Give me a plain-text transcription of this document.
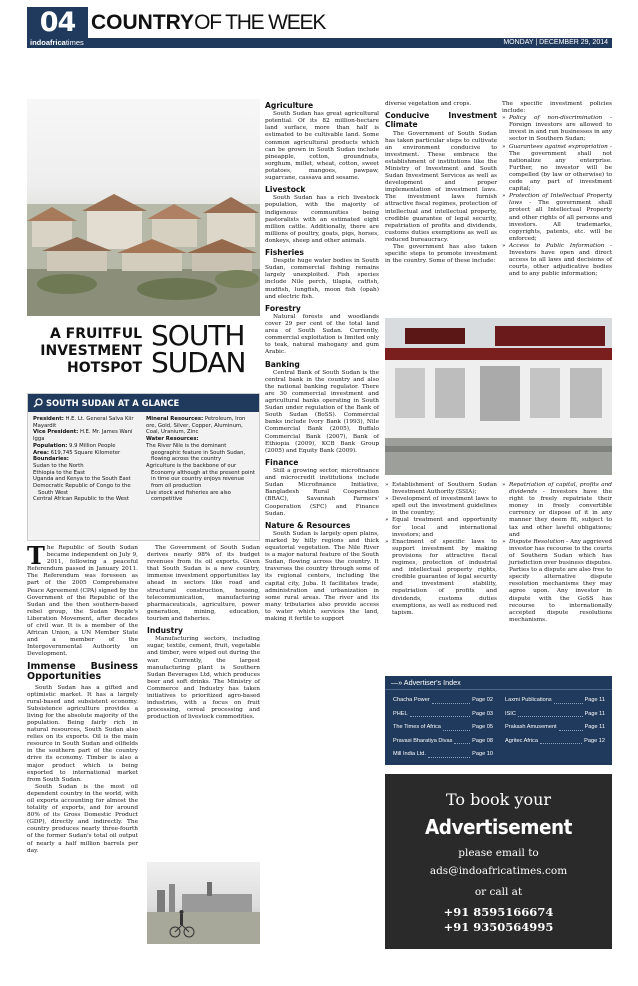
04 COUNTRYOF THE WEEK
indoafricatimes	MONDAY | DECEMBER 29, 2014
A FRUITFUL
INVESTMENT
HOTSPOT
SOUTH
SUDAN
SOUTH SUDAN AT A GLANCE
President: H.E. Lt. General Salva Kiir Mayardit
Vice President: H.E. Mr. James Wani Igga
Population: 9.9 Million People
Area: 619,745 Square Kilometer
Boundaries:
Sudan to the North
Ethiopia to the East
Uganda and Kenya to the South East
Democratic Republic of Congo to the South West
Central African Republic to the West
Mineral Resources: Petroleum, Iron ore, Gold, Silver, Copper, Aluminum, Coal, Uranium, Zinc
Water Resources:
The River Nile is the dominant geographic feature in South Sudan, flowing across the country
Agriculture is the backbone of our Economy although at the present point in time our country enjoys revenue from oil production
Live stock and fisheries are also competitive

The Republic of South Sudan became independent on July 9, 2011, following a peaceful Referendum passed in January 2011. The Referendum was foreseen as part of the 2005 Comprehensive Peace Agreement (CPA) signed by the Government of the Republic of the Sudan and the then southern-based rebel group, the Sudan People's Liberation Movement, after decades of civil war. It is a member of the African Union, a UN Member State and a member of the Intergovernmental Authority on Development.

Immense Business Opportunities

South Sudan has a gifted and optimistic market. It has a largely rural-based and subsistent economy. Subsistence agriculture provides a living for the absolute majority of the population. Being fairly rich in natural resources, South Sudan also relies on its exports. Oil is the main resource in South Sudan and oilfields in the southern part of the country drive its economy. Timber is also a major product which is being exported to international market from South Sudan.

South Sudan is the most oil dependent country in the world, with oil exports accounting for almost the totality of exports, and for around 80% of its Gross Domestic Product (GDP), directly and indirectly. The country produces nearly three-fourth of the former Sudan's total oil output of nearly a half million barrels per day.

The Government of South Sudan derives nearly 98% of its budget revenues from its oil exports. Given that South Sudan is a new country, immense investment opportunities lay ahead in sectors like road and structural construction, housing, telecommunication, manufacturing pharmaceuticals, agriculture, power generation, mining, education, tourism and fisheries.

Industry

Manufacturing sectors, including sugar, textile, cement, fruit, vegetable and timber, were wiped out during the war. Currently, the largest manufacturing plant is Southern Sudan Beverages Ltd, which produces beer and soft drinks. The Ministry of Commerce and Industry has taken initiatives to prioritized agro-based industries, with a focus on fruit processing, cereal processing and production of livestock commodities.

Agriculture

South Sudan has great agricultural potential. Of its 82 million-hectare land surface, more than half is estimated to be cultivable land. Some common agricultural products which can be grown in South Sudan include pineapple, cotton, groundnuts, sorghum, millet, wheat, cotton, sweet potatoes, mangoes, pawpaw, sugarcane, cassava and sesame.

Livestock

South Sudan has a rich livestock population, with the majority of indigenous communities being pastoralists with an estimated eight million cattle. Additionally, there are millions of poultry, goats, pigs, horses, donkeys, sheep and other animals.

Fisheries

Despite huge water bodies in South Sudan, commercial fishing remains largely unexploited. Fish species include Nile perch, tilapia, catfish, mudfish, lungfish, moon fish (opah) and electric fish.

Forestry

Natural forests and woodlands cover 29 per cent of the total land area of South Sudan. Currently, commercial exploitation is limited only to teak, natural mahogany and gum Arabic.

Banking

Central Bank of South Sudan is the central bank in the country and also the national banking regulator. There are 30 commercial investment and agricultural banks operating in South Sudan under regulation of the Bank of South Sudan (BoSS). Commercial banks include Ivory Bank (1993), Nile Commercial Bank (2005), Buffalo Commercial Bank (2007), Bank of Ethiopia (2009), KCB Bank Group (2005) and Equity Bank (2009).

Finance

Still a growing sector, microfinance and microcredit institutions include Sudan Microfinance Initiative, Bangladesh Rural Cooperation (BRAC), Savannah Farmers' Cooperation (SFC) and Finance Sudan.

Nature & Resources

South Sudan is largely open plains, marked by hilly regions and thick equatorial vegetation. The Nile River is a major natural feature of the South Sudan, flowing across the country. It traverses the country through some of its regional centers, including the capital city, Juba. It facilitates trade, administration and urbanization in some rural areas. The river and its many tributaries also provide access to water which services the land, making it fertile to support

diverse vegetation and crops.

Conducive Investment Climate

The Government of South Sudan has taken particular steps to cultivate an environment conducive to investment. These embrace the establishment of institutions like the Ministry of Investment and South Sudan Investment Services as well as development and proper implementation of investment laws. The investment laws furnish attractive fiscal regimes, protection of intellectual and intellectual property, credible guarantee of legal security, repatriation of profits and dividends, customs duties exemptions as well as reduced bureaucracy.

The government has also taken specific steps to promote investment in the country. Some of these include:

The specific investment policies include:

» Policy of non-discrimination - Foreign investors are allowed to invest in and run businesses in any sector in Southern Sudan;
» Guarantees against expropriation - The government shall not nationalize any enterprise. Further, no investor will be compelled (by law or otherwise) to cede any part of investment capital;
» Protection of Intellectual Property laws - The government shall protect all Intellectual Property and other rights of all persons and investors. All trademarks, copyrights, patents, etc. will be enforced;
» Access to Public Information - Investors have open and direct access to all laws and decisions of courts, other adjudicative bodies and to any public information;
» Establishment of Southern Sudan Investment Authority (SSIA);
» Development of investment laws to spell out the investment guidelines in the country;
» Equal treatment and opportunity for local and international investors; and
» Enactment of specific laws to support investment by making provisions for attractive fiscal regimes, protection of industrial and intellectual property rights, credible guarantee of legal security and investment stability, repatriation of profits and dividends, customs duties exemptions, as well as reduced red tapism.
» Repatriation of capital, profits and dividends - Investors have the right to freely repatriate their money in freely convertible currency or dispose of it in any manner they deem fit, subject to tax and other lawful obligations; and
» Dispute Resolution - Any aggrieved investor has recourse to the courts of Southern Sudan which has jurisdiction over business disputes. Parties to a dispute are also free to specify alternative dispute resolution mechanisms they may agree upon. Any investor in dispute with the GoSS has recourse to internationally accepted dispute resolutions mechanisms.
—» Advertiser's Index
Chacha Power	Page 02
PHEL	Page 03
The Times of Africa	Page 05
Pravasi Bharatiya Divas	Page 08
Mill India Ltd.	Page 10
Laxmi Publications	Page 11
ISIC	Page 11
Prakash Amusement	Page 11
Agritec Africa	Page 12
To book your
Advertisement
please email to
ads@indoafricatimes.com
or call at
+91 8595166674
+91 9350564995
